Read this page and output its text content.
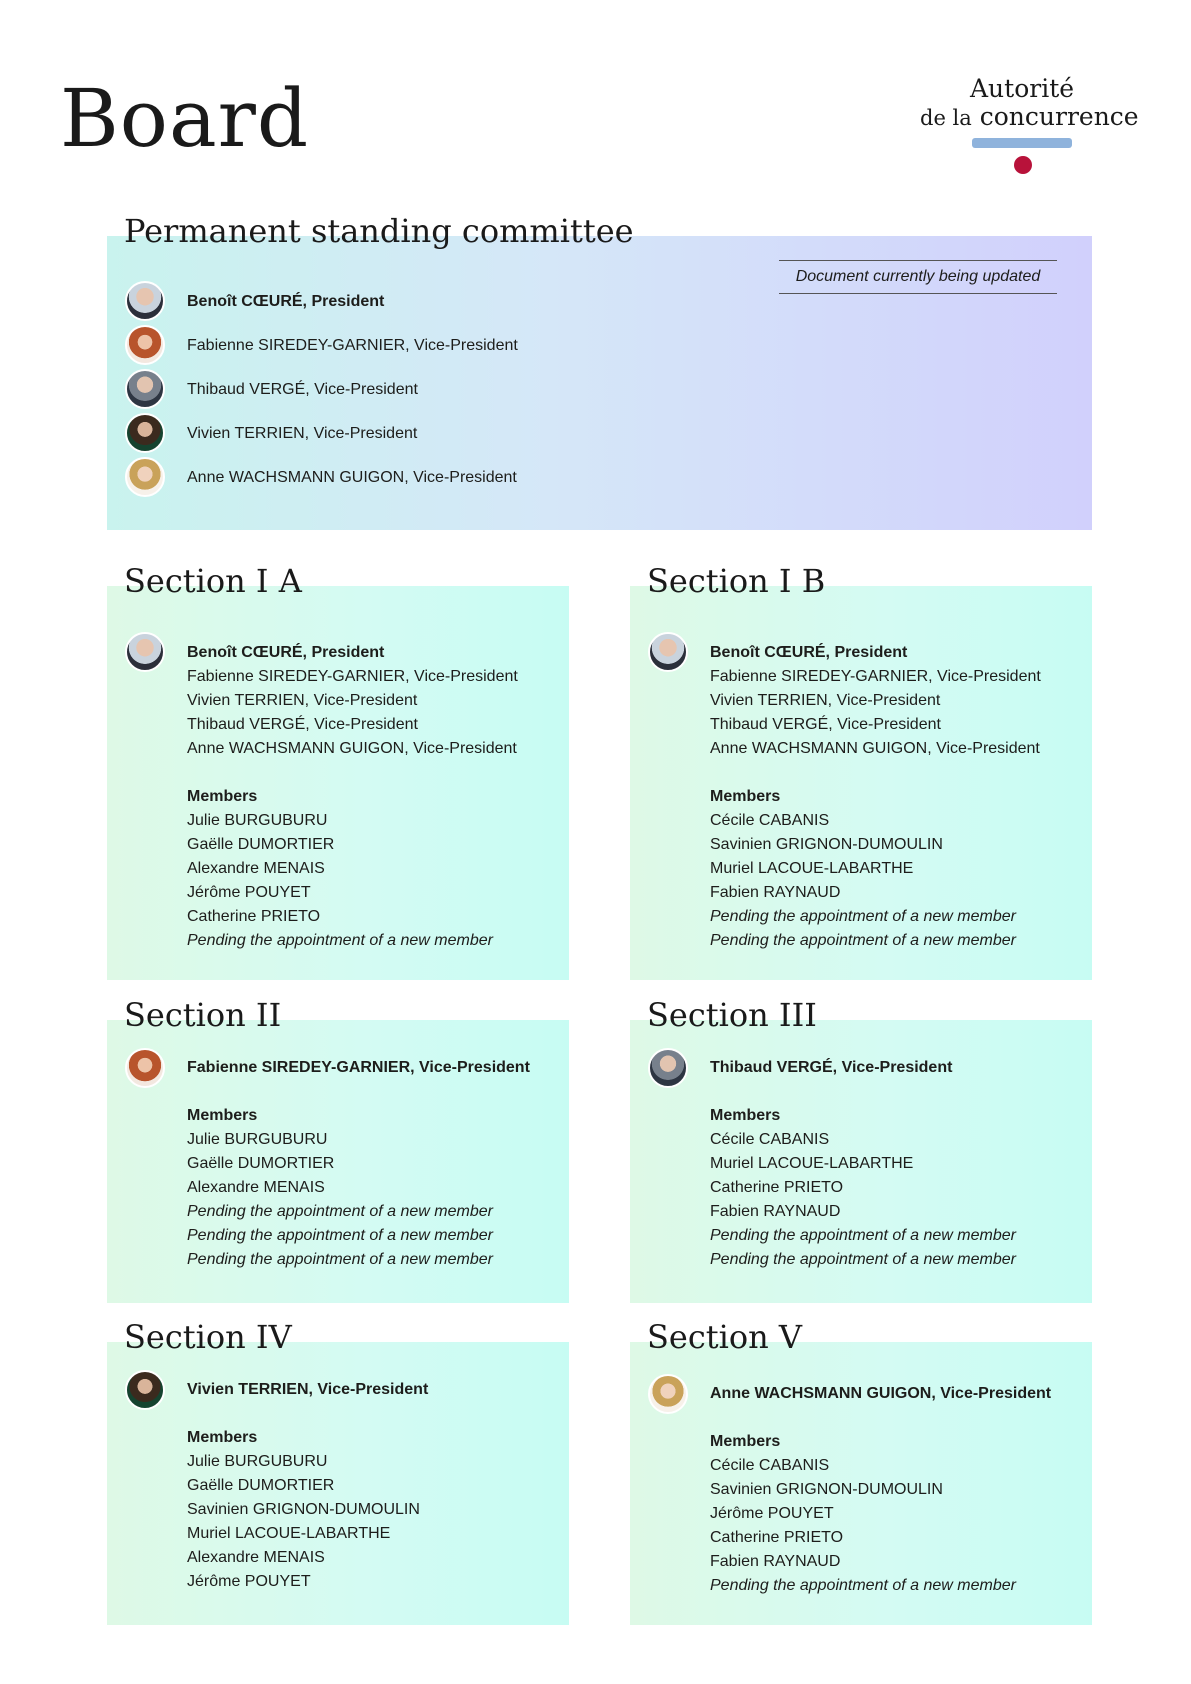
Board	Autorité
de la concurrence
Permanent standing committee
Document currently being updated
Benoît CŒURÉ, President
Fabienne SIREDEY-GARNIER, Vice-President
Thibaud VERGÉ, Vice-President
Vivien TERRIEN, Vice-President
Anne WACHSMANN GUIGON, Vice-President
Section I A
Benoît CŒURÉ, President
Fabienne SIREDEY-GARNIER, Vice-President
Vivien TERRIEN, Vice-President
Thibaud VERGÉ, Vice-President
Anne WACHSMANN GUIGON, Vice-President
Members
Julie BURGUBURU
Gaëlle DUMORTIER
Alexandre MENAIS
Jérôme POUYET
Catherine PRIETO
Pending the appointment of a new member
Section I B
Benoît CŒURÉ, President
Fabienne SIREDEY-GARNIER, Vice-President
Vivien TERRIEN, Vice-President
Thibaud VERGÉ, Vice-President
Anne WACHSMANN GUIGON, Vice-President
Members
Cécile CABANIS
Savinien GRIGNON-DUMOULIN
Muriel LACOUE-LABARTHE
Fabien RAYNAUD
Pending the appointment of a new member
Pending the appointment of a new member
Section II
Fabienne SIREDEY-GARNIER, Vice-President
Members
Julie BURGUBURU
Gaëlle DUMORTIER
Alexandre MENAIS
Pending the appointment of a new member
Pending the appointment of a new member
Pending the appointment of a new member
Section III
Thibaud VERGÉ, Vice-President
Members
Cécile CABANIS
Muriel LACOUE-LABARTHE
Catherine PRIETO
Fabien RAYNAUD
Pending the appointment of a new member
Pending the appointment of a new member
Section IV
Vivien TERRIEN, Vice-President
Members
Julie BURGUBURU
Gaëlle DUMORTIER
Savinien GRIGNON-DUMOULIN
Muriel LACOUE-LABARTHE
Alexandre MENAIS
Jérôme POUYET
Section V
Anne WACHSMANN GUIGON, Vice-President
Members
Cécile CABANIS
Savinien GRIGNON-DUMOULIN
Jérôme POUYET
Catherine PRIETO
Fabien RAYNAUD
Pending the appointment of a new member
